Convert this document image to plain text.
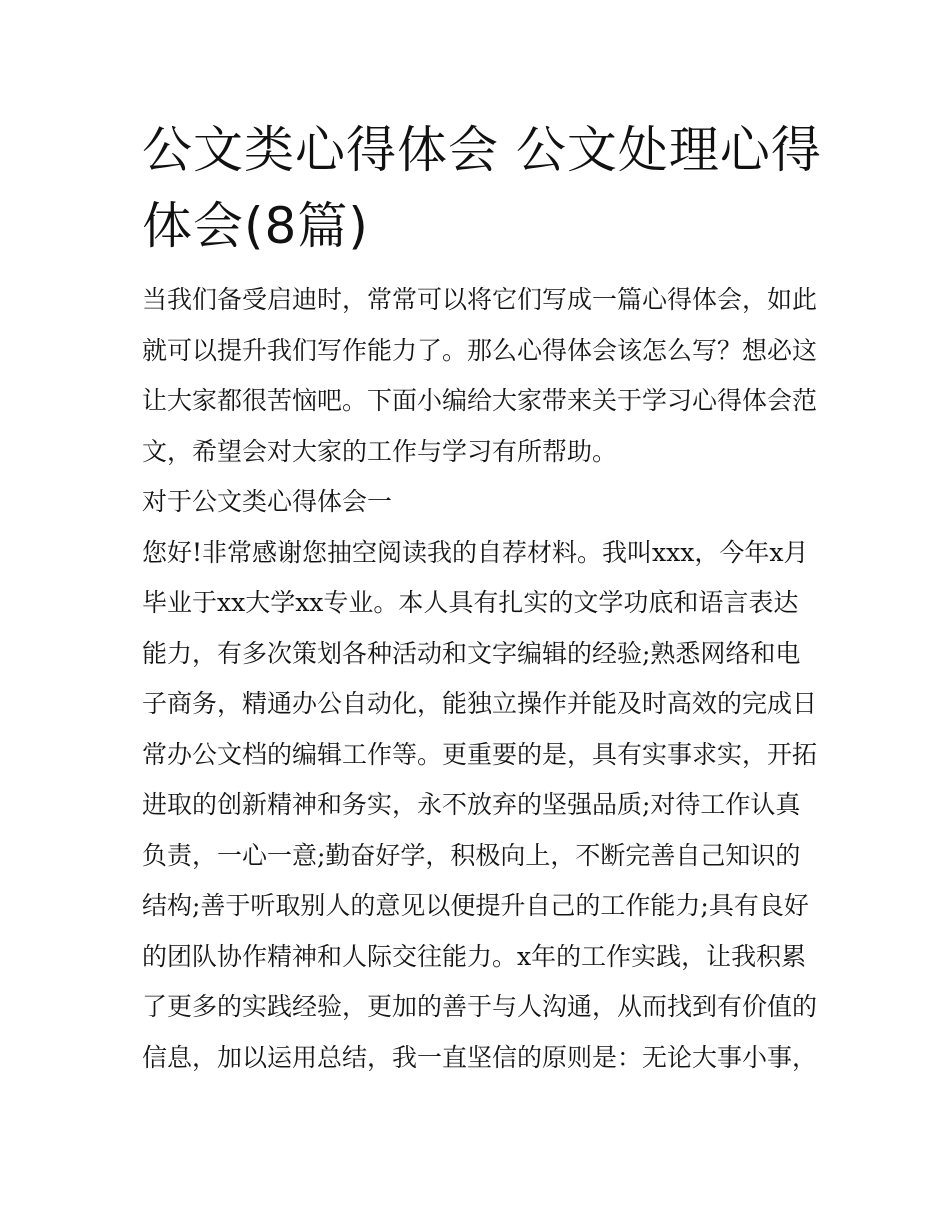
公文类心得体会 公文处理心得
体会(8篇)
当我们备受启迪时，常常可以将它们写成一篇心得体会，如此
就可以提升我们写作能力了。那么心得体会该怎么写？想必这
让大家都很苦恼吧。下面小编给大家带来关于学习心得体会范
文，希望会对大家的工作与学习有所帮助。
对于公文类心得体会一
您好!非常感谢您抽空阅读我的自荐材料。我叫xxx，今年x月
毕业于xx大学xx专业。本人具有扎实的文学功底和语言表达
能力，有多次策划各种活动和文字编辑的经验;熟悉网络和电
子商务，精通办公自动化，能独立操作并能及时高效的完成日
常办公文档的编辑工作等。更重要的是，具有实事求实，开拓
进取的创新精神和务实，永不放弃的坚强品质;对待工作认真
负责，一心一意;勤奋好学，积极向上，不断完善自己知识的
结构;善于听取别人的意见以便提升自己的工作能力;具有良好
的团队协作精神和人际交往能力。x年的工作实践，让我积累
了更多的实践经验，更加的善于与人沟通，从而找到有价值的
信息，加以运用总结，我一直坚信的原则是：无论大事小事，
